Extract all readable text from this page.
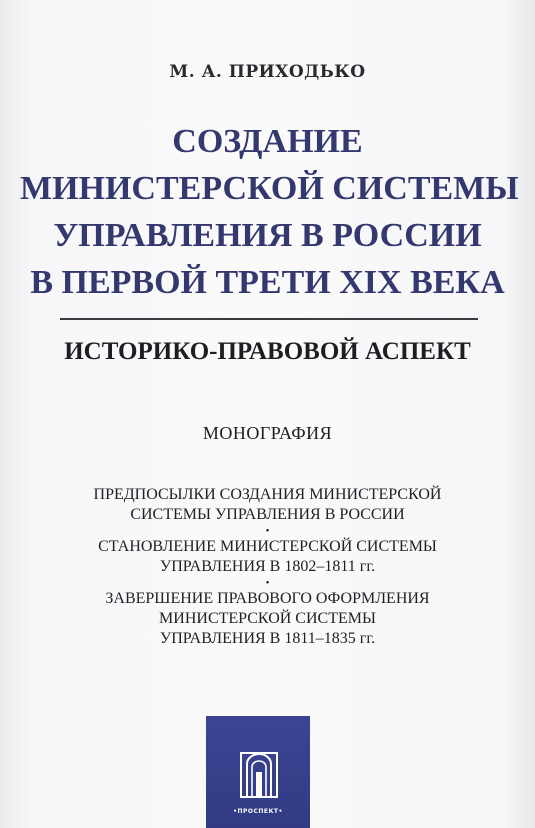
М. А. ПРИХОДЬКО
СОЗДАНИЕ
МИНИСТЕРСКОЙ СИСТЕМЫ
УПРАВЛЕНИЯ В РОССИИ
В ПЕРВОЙ ТРЕТИ XIX ВЕКА
ИСТОРИКО-ПРАВОВОЙ АСПЕКТ
МОНОГРАФИЯ
ПРЕДПОСЫЛКИ СОЗДАНИЯ МИНИСТЕРСКОЙ
СИСТЕМЫ УПРАВЛЕНИЯ В РОССИИ
•
СТАНОВЛЕНИЕ МИНИСТЕРСКОЙ СИСТЕМЫ
УПРАВЛЕНИЯ В 1802–1811 гг.
•
ЗАВЕРШЕНИЕ ПРАВОВОГО ОФОРМЛЕНИЯ
МИНИСТЕРСКОЙ СИСТЕМЫ
УПРАВЛЕНИЯ В 1811–1835 гг.
•ПРОСПЕКТ•
